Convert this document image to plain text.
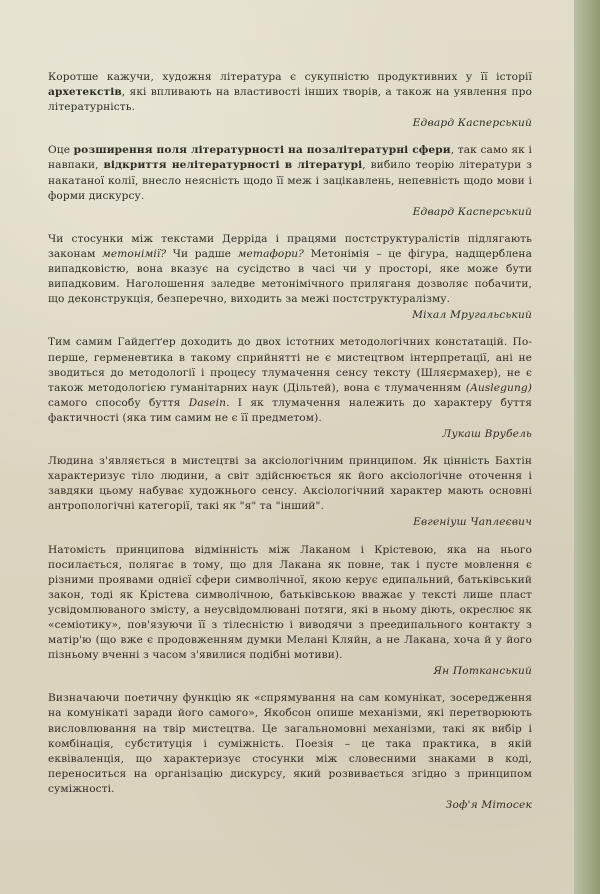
Коротше кажучи, художня література є сукупністю продуктивних у її історії архетекстів, які впливають на властивості інших творів, а також на уявлення про літературність.

Едвард Касперський

Оце розширення поля літературності на позалітературні сфери, так само як і навпаки, відкриття нелітературності в літературі, вибило теорію літератури з накатаної колії, внесло неясність щодо її меж і зацікавлень, непевність щодо мови і форми дискурсу.

Едвард Касперський

Чи стосунки між текстами Дерріда і працями постструктуралістів підлягають законам метонімії? Чи радше метафори? Метонімія – це фігура, надщерблена випадковістю, вона вказує на сусідство в часі чи у просторі, яке може бути випадковим. Наголошення заледве метонімічного приляганя дозволяє побачити, що деконструкція, безперечно, виходить за межі постструктуралізму.

Міхал Мругальський

Тим самим Гайдеґґер доходить до двох істотних методологічних констатацій. По-перше, герменевтика в такому сприйнятті не є мистецтвом інтерпретації, ані не зводиться до методології і процесу тлумачення сенсу тексту (Шляєрмахер), не є також методологією гуманітарних наук (Дільтей), вона є тлумаченням (Auslegung) самого способу буття Dasein. І як тлумачення належить до характеру буття фактичності (яка тим самим не є її предметом).

Лукаш Врубель

Людина з'являється в мистецтві за аксіологічним принципом. Як цінність Бахтін характеризує тіло людини, а світ здійснюється як його аксіологічне оточення і завдяки цьому набуває художнього сенсу. Аксіологічний характер мають основні антропологічні категорії, такі як "я" та "інший".

Евгеніуш Чаплеєвич

Натомість принципова відмінність між Лаканом і Крістевою, яка на нього посилається, полягає в тому, що для Лакана як повне, так і пусте мовлення є різними проявами однієї сфери символічної, якою керує едипальний, батьківський закон, тоді як Крістева символічною, батьківською вважає у тексті лише пласт усвідомлюваного змісту, а неусвідомлювані потяги, які в ньому діють, окреслює як «семіотику», пов'язуючи її з тілесністю і виводячи з преедипального контакту з матір'ю (що вже є продовженням думки Мелані Кляйн, а не Лакана, хоча й у його пізньому вченні з часом з'явилися подібні мотиви).

Ян Потканський

Визначаючи поетичну функцію як «спрямування на сам комунікат, зосередження на комунікаті заради його самого», Якобсон опише механізми, які перетворюють висловлювання на твір мистецтва. Це загальномовні механізми, такі як вибір і комбінація, субституція і суміжність. Поезія – це така практика, в якій еквіваленція, що характеризує стосунки між словесними знаками в коді, переноситься на організацію дискурсу, який розвивається згідно з принципом суміжності.

Зоф'я Мітосек
